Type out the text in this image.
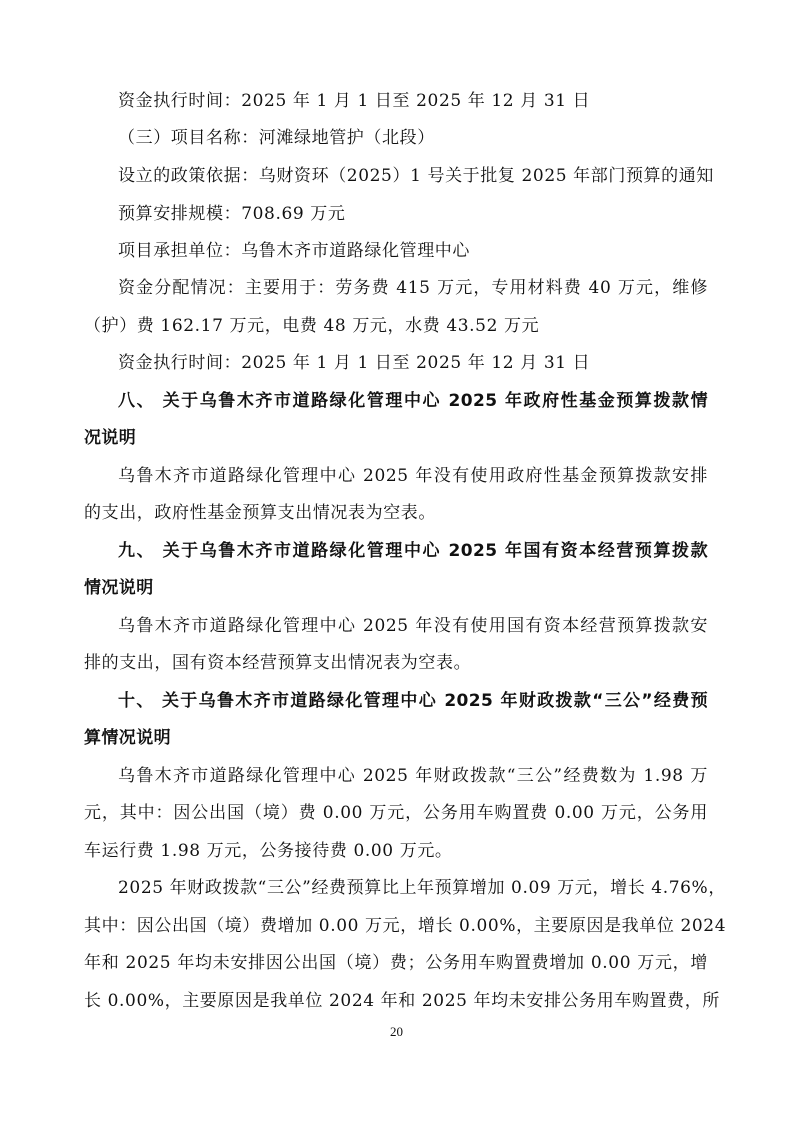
资金执行时间：2025 年 1 月 1 日至 2025 年 12 月 31 日
（三）项目名称：河滩绿地管护（北段）
设立的政策依据：乌财资环（2025）1 号关于批复 2025 年部门预算的通知
预算安排规模：708.69 万元
项目承担单位：乌鲁木齐市道路绿化管理中心
资金分配情况：主要用于：劳务费 415 万元，专用材料费 40 万元，维修
（护）费 162.17 万元，电费 48 万元，水费 43.52 万元
资金执行时间：2025 年 1 月 1 日至 2025 年 12 月 31 日
八、 关于乌鲁木齐市道路绿化管理中心 2025 年政府性基金预算拨款情
况说明
乌鲁木齐市道路绿化管理中心 2025 年没有使用政府性基金预算拨款安排
的支出，政府性基金预算支出情况表为空表。
九、 关于乌鲁木齐市道路绿化管理中心 2025 年国有资本经营预算拨款
情况说明
乌鲁木齐市道路绿化管理中心 2025 年没有使用国有资本经营预算拨款安
排的支出，国有资本经营预算支出情况表为空表。
十、 关于乌鲁木齐市道路绿化管理中心 2025 年财政拨款“三公”经费预
算情况说明
乌鲁木齐市道路绿化管理中心 2025 年财政拨款“三公”经费数为 1.98 万
元，其中：因公出国（境）费 0.00 万元，公务用车购置费 0.00 万元，公务用
车运行费 1.98 万元，公务接待费 0.00 万元。
2025 年财政拨款“三公”经费预算比上年预算增加 0.09 万元，增长 4.76%，
其中：因公出国（境）费增加 0.00 万元，增长 0.00%，主要原因是我单位 2024
年和 2025 年均未安排因公出国（境）费；公务用车购置费增加 0.00 万元，增
长 0.00%，主要原因是我单位 2024 年和 2025 年均未安排公务用车购置费，所
20
